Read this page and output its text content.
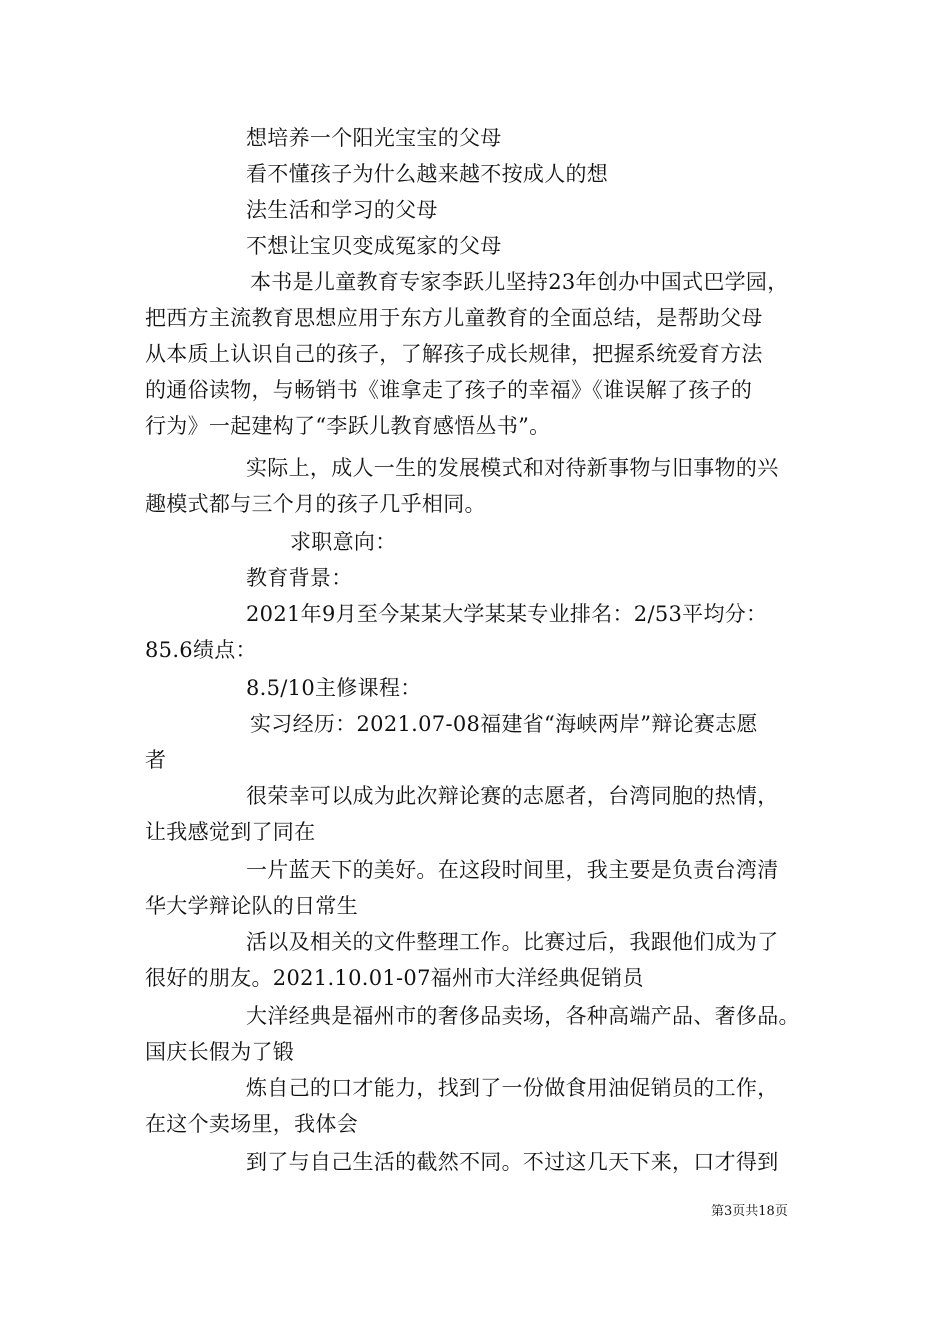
想培养一个阳光宝宝的父母
看不懂孩子为什么越来越不按成人的想
法生活和学习的父母
不想让宝贝变成冤家的父母
本书是儿童教育专家李跃儿坚持23年创办中国式巴学园，
把西方主流教育思想应用于东方儿童教育的全面总结，是帮助父母
从本质上认识自己的孩子，了解孩子成长规律，把握系统爱育方法
的通俗读物，与畅销书《谁拿走了孩子的幸福》《谁误解了孩子的
行为》一起建构了“李跃儿教育感悟丛书”。
实际上，成人一生的发展模式和对待新事物与旧事物的兴
趣模式都与三个月的孩子几乎相同。
求职意向：
教育背景：
2021年9月至今某某大学某某专业排名：2/53平均分：
85.6绩点：
8.5/10主修课程：
实习经历：2021.07-08福建省“海峡两岸”辩论赛志愿
者
很荣幸可以成为此次辩论赛的志愿者，台湾同胞的热情，
让我感觉到了同在
一片蓝天下的美好。在这段时间里，我主要是负责台湾清
华大学辩论队的日常生
活以及相关的文件整理工作。比赛过后，我跟他们成为了
很好的朋友。2021.10.01-07福州市大洋经典促销员
大洋经典是福州市的奢侈品卖场，各种高端产品、奢侈品。
国庆长假为了锻
炼自己的口才能力，找到了一份做食用油促销员的工作，
在这个卖场里，我体会
到了与自己生活的截然不同。不过这几天下来，口才得到
第3页共18页
